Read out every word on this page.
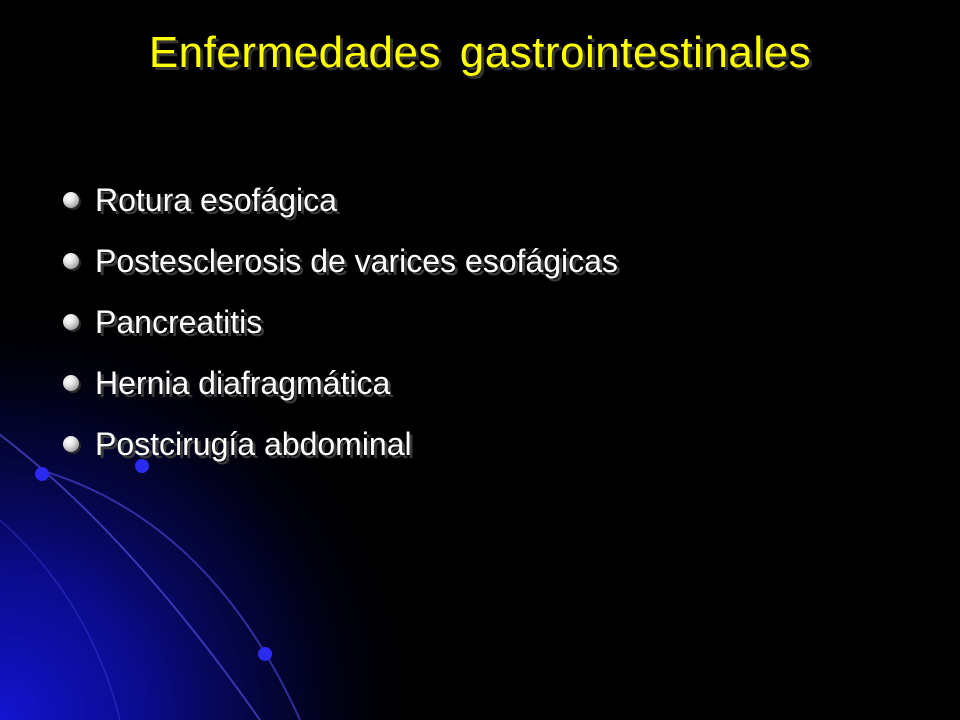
Enfermedades gastrointestinales
Rotura esofágica
Postesclerosis de varices esofágicas
Pancreatitis
Hernia diafragmática
Postcirugía abdominal
